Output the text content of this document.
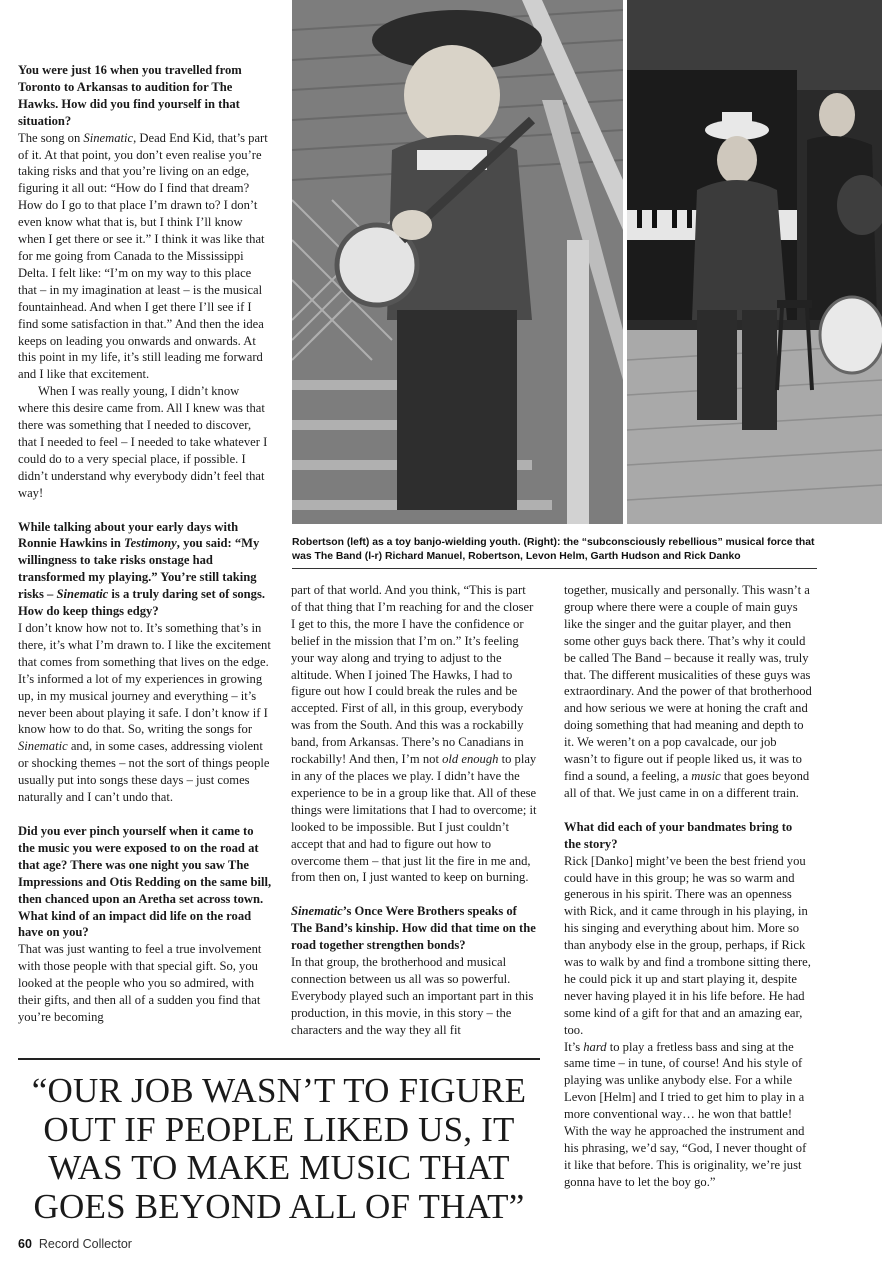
Robertson (left) as a toy banjo-wielding youth. (Right): the “subconsciously rebellious” musical force that was The Band (l-r) Richard Manuel, Robertson, Levon Helm, Garth Hudson and Rick Danko

You were just 16 when you travelled from Toronto to Arkansas to audition for The Hawks. How did you find yourself in that situation?

The song on Sinematic, Dead End Kid, that’s part of it. At that point, you don’t even realise you’re taking risks and that you’re living on an edge, figuring it all out: “How do I find that dream? How do I go to that place I’m drawn to? I don’t even know what that is, but I think I’ll know when I get there or see it.” I think it was like that for me going from Canada to the Mississippi Delta. I felt like: “I’m on my way to this place that – in my imagination at least – is the musical fountainhead. And when I get there I’ll see if I find some satisfaction in that.” And then the idea keeps on leading you onwards and onwards. At this point in my life, it’s still leading me forward and I like that excitement.

When I was really young, I didn’t know where this desire came from. All I knew was that there was something that I needed to discover, that I needed to feel – I needed to take whatever I could do to a very special place, if possible. I didn’t understand why everybody didn’t feel that way!

While talking about your early days with Ronnie Hawkins in Testimony, you said: “My willingness to take risks onstage had transformed my playing.” You’re still taking risks – Sinematic is a truly daring set of songs. How do keep things edgy?

I don’t know how not to. It’s something that’s in there, it’s what I’m drawn to. I like the excitement that comes from something that lives on the edge. It’s informed a lot of my experiences in growing up, in my musical journey and everything – it’s never been about playing it safe. I don’t know if I know how to do that. So, writing the songs for Sinematic and, in some cases, addressing violent or shocking themes – not the sort of things people usually put into songs these days – just comes naturally and I can’t undo that.

Did you ever pinch yourself when it came to the music you were exposed to on the road at that age? There was one night you saw The Impressions and Otis Redding on the same bill, then chanced upon an Aretha set across town. What kind of an impact did life on the road have on you?

That was just wanting to feel a true involvement with those people with that special gift. So, you looked at the people who you so admired, with their gifts, and then all of a sudden you find that you’re becoming

part of that world. And you think, “This is part of that thing that I’m reaching for and the closer I get to this, the more I have the confidence or belief in the mission that I’m on.” It’s feeling your way along and trying to adjust to the altitude. When I joined The Hawks, I had to figure out how I could break the rules and be accepted. First of all, in this group, everybody was from the South. And this was a rockabilly band, from Arkansas. There’s no Canadians in rockabilly! And then, I’m not old enough to play in any of the places we play. I didn’t have the experience to be in a group like that. All of these things were limitations that I had to overcome; it looked to be impossible. But I just couldn’t accept that and had to figure out how to overcome them – that just lit the fire in me and, from then on, I just wanted to keep on burning.

Sinematic’s Once Were Brothers speaks of The Band’s kinship. How did that time on the road together strengthen bonds?

In that group, the brotherhood and musical connection between us all was so powerful. Everybody played such an important part in this production, in this movie, in this story – the characters and the way they all fit

together, musically and personally. This wasn’t a group where there were a couple of main guys like the singer and the guitar player, and then some other guys back there. That’s why it could be called The Band – because it really was, truly that. The different musicalities of these guys was extraordinary. And the power of that brotherhood and how serious we were at honing the craft and doing something that had meaning and depth to it. We weren’t on a pop cavalcade, our job wasn’t to figure out if people liked us, it was to find a sound, a feeling, a music that goes beyond all of that. We just came in on a different train.

What did each of your bandmates bring to the story?

Rick [Danko] might’ve been the best friend you could have in this group; he was so warm and generous in his spirit. There was an openness with Rick, and it came through in his playing, in his singing and everything about him. More so than anybody else in the group, perhaps, if Rick was to walk by and find a trombone sitting there, he could pick it up and start playing it, despite never having played it in his life before. He had some kind of a gift for that and an amazing ear, too.

It’s hard to play a fretless bass and sing at the same time – in tune, of course! And his style of playing was unlike anybody else. For a while Levon [Helm] and I tried to get him to play in a more conventional way… he won that battle! With the way he approached the instrument and his phrasing, we’d say, “God, I never thought of it like that before. This is originality, we’re just gonna have to let the boy go.”

“OUR JOB WASN’T TO FIGURE OUT IF PEOPLE LIKED US, IT WAS TO MAKE MUSIC THAT GOES BEYOND ALL OF THAT”
60 Record Collector
